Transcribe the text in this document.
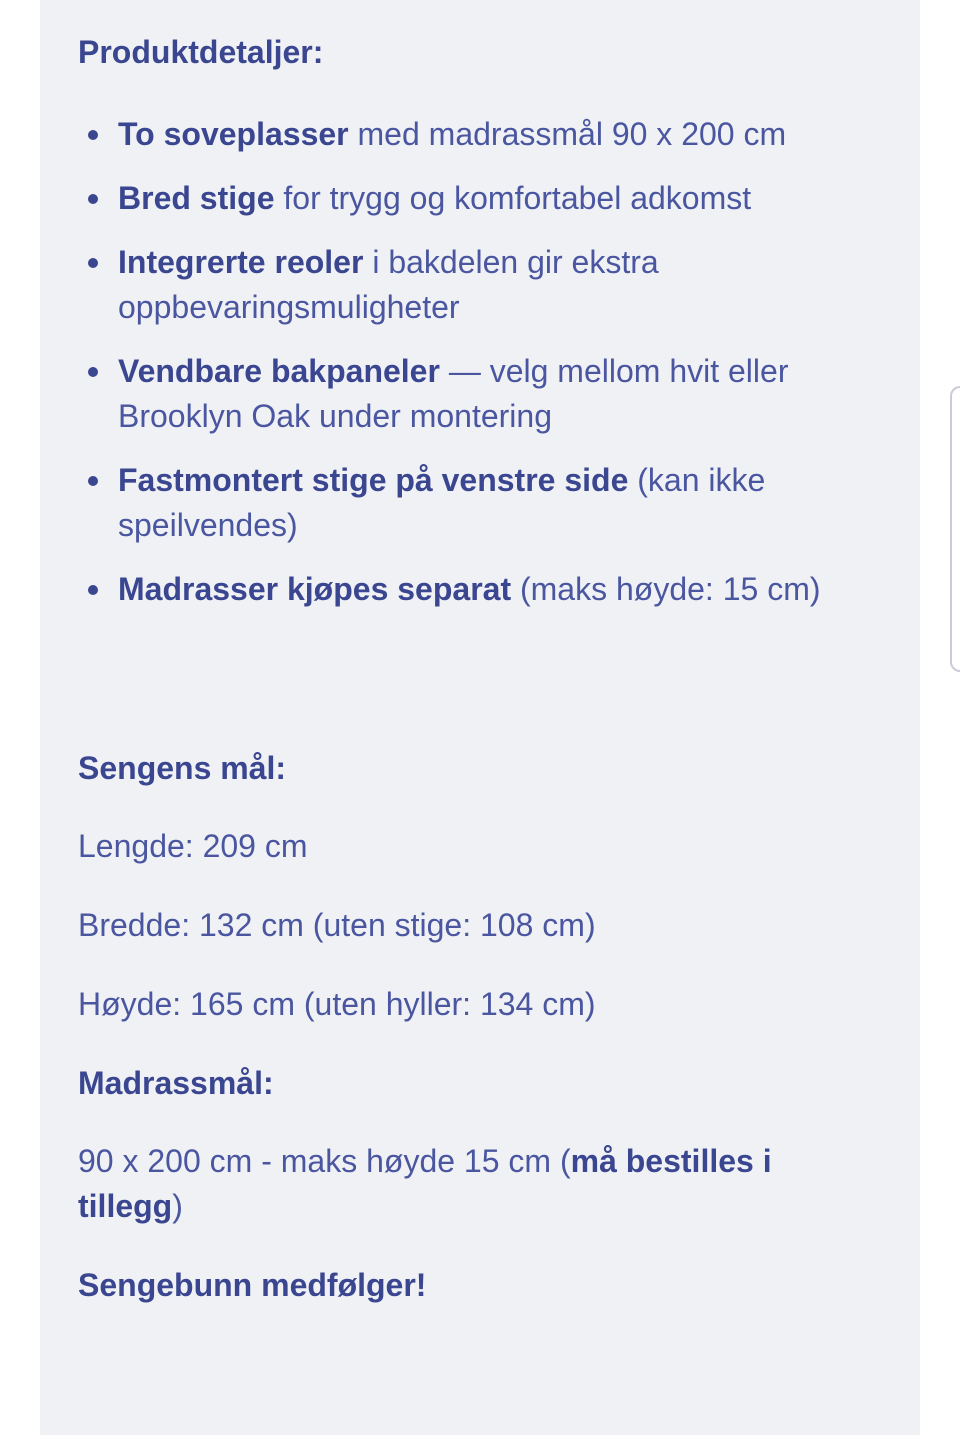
Produktdetaljer:
To soveplasser med madrassmål 90 x 200 cm
Bred stige for trygg og komfortabel adkomst
Integrerte reoler i bakdelen gir ekstra oppbevaringsmuligheter
Vendbare bakpaneler — velg mellom hvit eller Brooklyn Oak under montering
Fastmontert stige på venstre side (kan ikke speilvendes)
Madrasser kjøpes separat (maks høyde: 15 cm)
Sengens mål:

Lengde: 209 cm

Bredde: 132 cm (uten stige: 108 cm)

Høyde: 165 cm (uten hyller: 134 cm)

Madrassmål:

90 x 200 cm - maks høyde 15 cm (må bestilles i tillegg)

Sengebunn medfølger!
